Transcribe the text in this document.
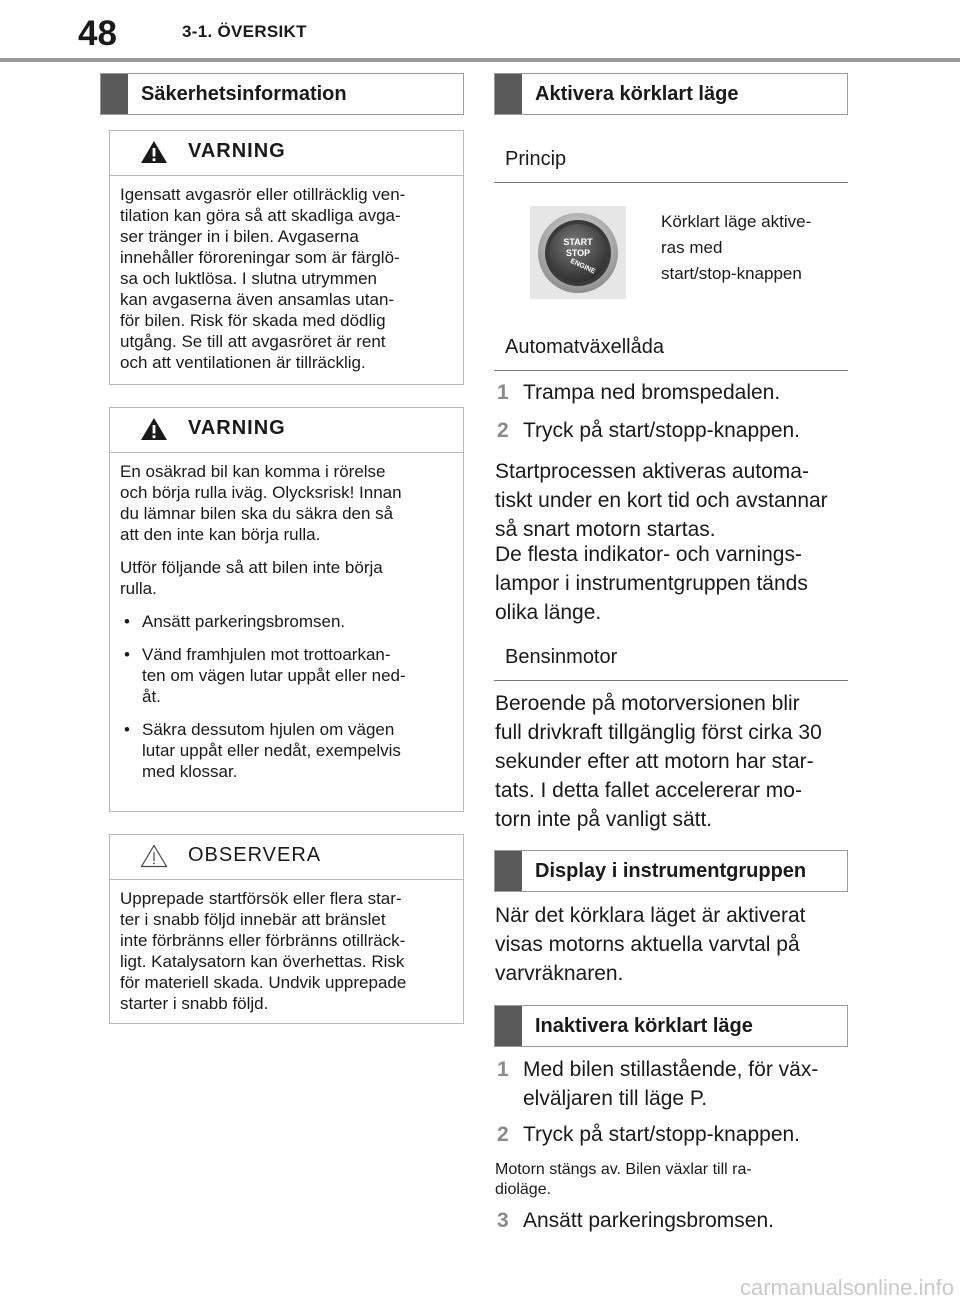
48	3-1. ÖVERSIKT
Säkerhetsinformation
VARNING
Igensatt avgasrör eller otillräcklig ven-
tilation kan göra så att skadliga avga-
ser tränger in i bilen. Avgaserna
innehåller föroreningar som är färglö-
sa och luktlösa. I slutna utrymmen
kan avgaserna även ansamlas utan-
för bilen. Risk för skada med dödlig
utgång. Se till att avgasröret är rent
och att ventilationen är tillräcklig.
VARNING

En osäkrad bil kan komma i rörelse
och börja rulla iväg. Olycksrisk! Innan
du lämnar bilen ska du säkra den så
att den inte kan börja rulla.

Utför följande så att bilen inte börja
rulla.

• Ansätt parkeringsbromsen.
• Vänd framhjulen mot trottoarkan-
ten om vägen lutar uppåt eller ned-
åt.
• Säkra dessutom hjulen om vägen
lutar uppåt eller nedåt, exempelvis
med klossar.
OBSERVERA
Upprepade startförsök eller flera star-
ter i snabb följd innebär att bränslet
inte förbränns eller förbränns otillräck-
ligt. Katalysatorn kan överhettas. Risk
för materiell skada. Undvik upprepade
starter i snabb följd.
Aktivera körklart läge
Princip
START
STOP
ENGINE
Körklart läge aktive-
ras med
start/stop-knappen
Automatväxellåda
1 Trampa ned bromspedalen.
2 Tryck på start/stopp-knappen.
Startprocessen aktiveras automa-
tiskt under en kort tid och avstannar
så snart motorn startas.
De flesta indikator- och varnings-
lampor i instrumentgruppen tänds
olika länge.
Bensinmotor
Beroende på motorversionen blir
full drivkraft tillgänglig först cirka 30
sekunder efter att motorn har star-
tats. I detta fallet accelererar mo-
torn inte på vanligt sätt.
Display i instrumentgruppen
När det körklara läget är aktiverat
visas motorns aktuella varvtal på
varvräknaren.
Inaktivera körklart läge
1 Med bilen stillastående, för väx-
elväljaren till läge P.
2 Tryck på start/stopp-knappen.
Motorn stängs av. Bilen växlar till ra-
dioläge.
3 Ansätt parkeringsbromsen.
carmanualsonline.info
